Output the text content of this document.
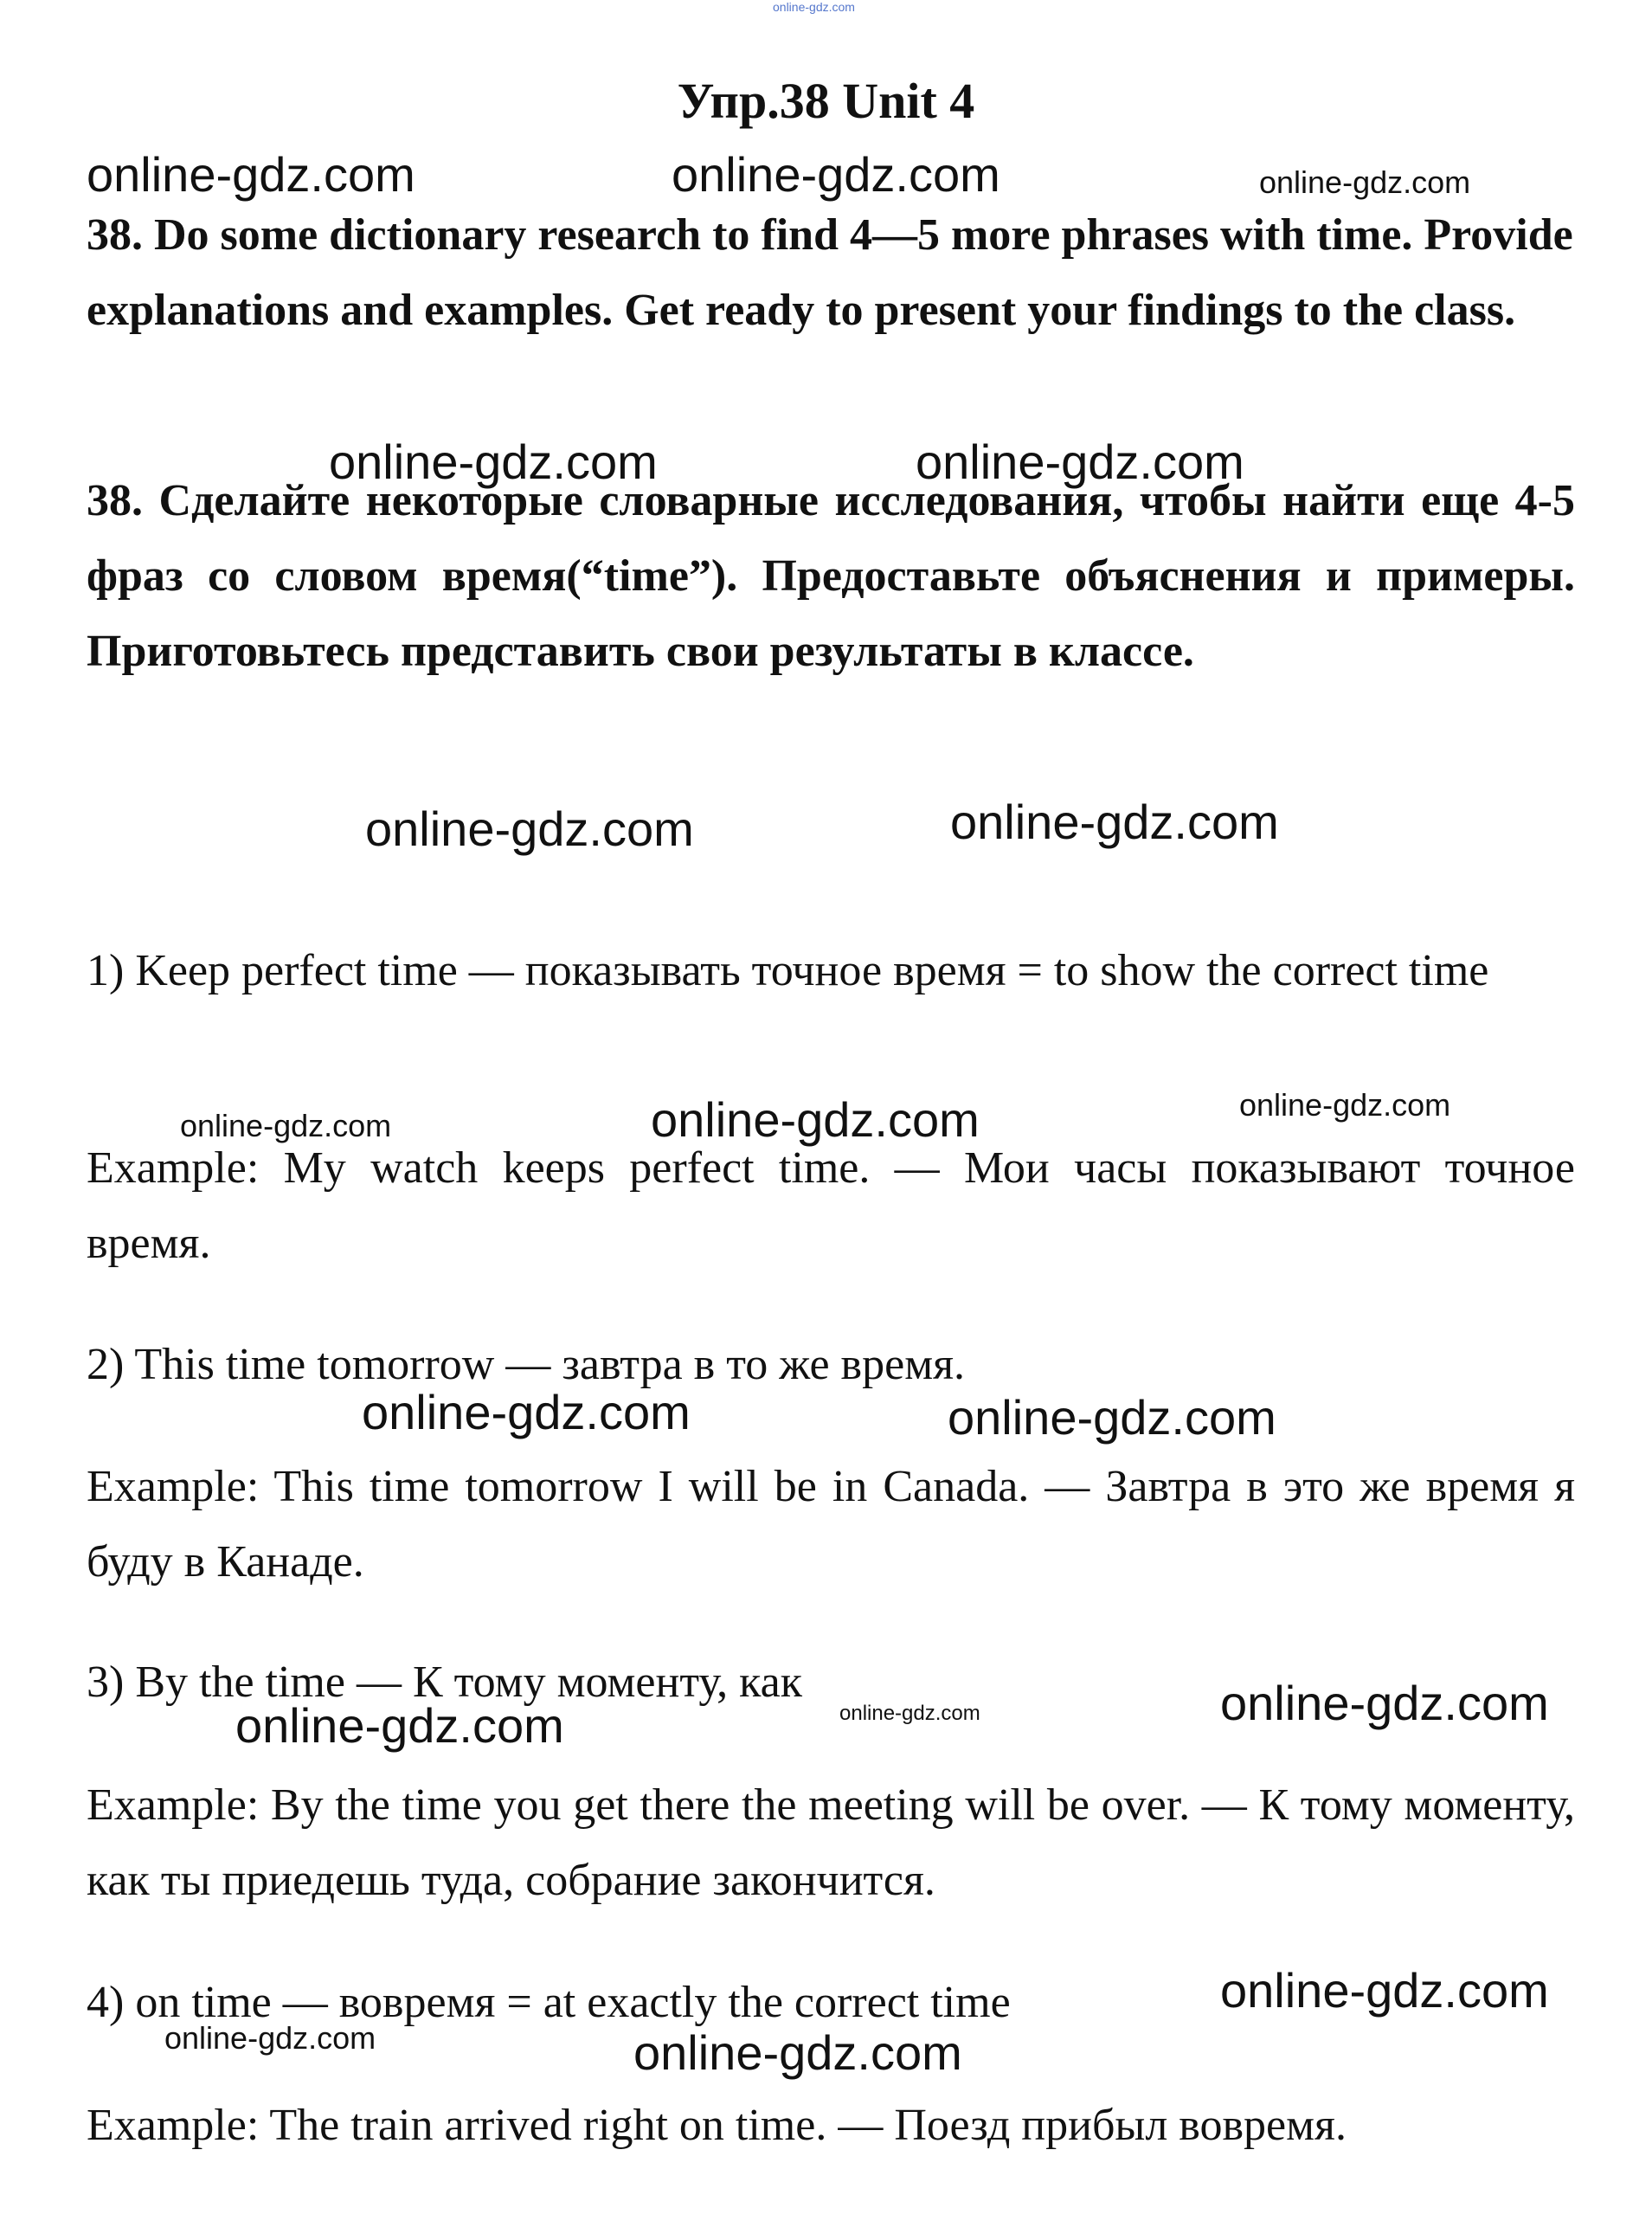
online-gdz.com
Упр.38 Unit 4
online-gdz.com	online-gdz.com	online-gdz.com
38. Do some dictionary research to find 4—5 more phrases with time. Provide explanations and examples. Get ready to present your findings to the class.
online-gdz.com	online-gdz.com
38. Сделайте некоторые словарные исследования, чтобы найти еще 4-5 фраз со словом время(“time”). Предоставьте объяснения и примеры. Приготовьтесь представить свои результаты в классе.
online-gdz.com	online-gdz.com
1) Keep perfect time — показывать точное время = to show the correct time
online-gdz.com	online-gdz.com	online-gdz.com
Example: My watch keeps perfect time. — Мои часы показывают точное время.
2) This time tomorrow — завтра в то же время.
online-gdz.com	online-gdz.com
Example: This time tomorrow I will be in Canada. — Завтра в это же время я буду в Канаде.
3) By the time — К тому моменту, как
online-gdz.com	online-gdz.com	online-gdz.com
Example: By the time you get there the meeting will be over. — К тому моменту, как ты приедешь туда, собрание закончится.
4) on time — вовремя = at exactly the correct time	online-gdz.com
online-gdz.com	online-gdz.com
Example: The train arrived right on time. — Поезд прибыл вовремя.
